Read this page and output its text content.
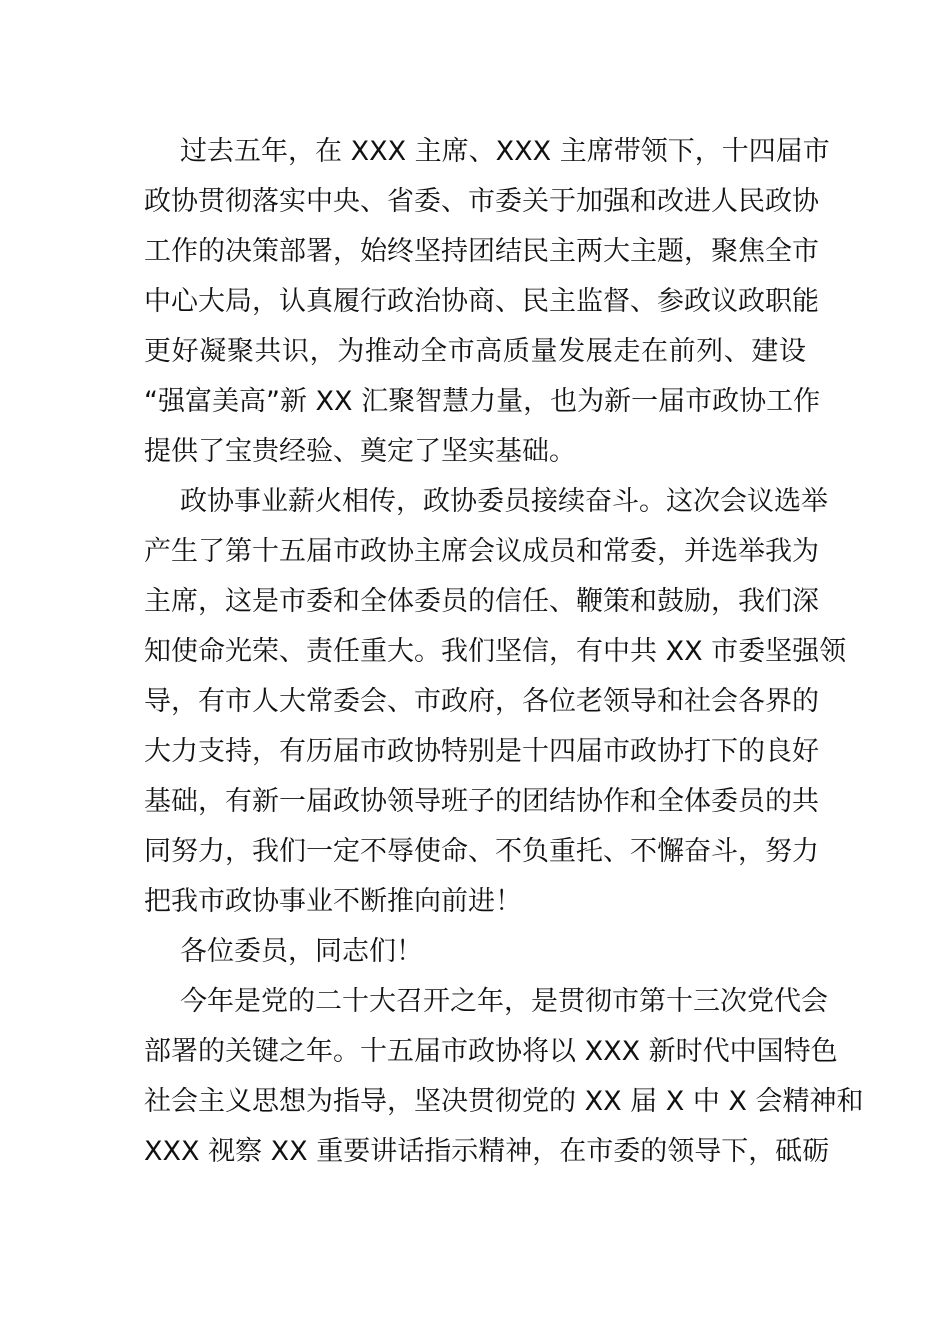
过去五年，在 XXX 主席、XXX 主席带领下，十四届市
政协贯彻落实中央、省委、市委关于加强和改进人民政协
工作的决策部署，始终坚持团结民主两大主题，聚焦全市
中心大局，认真履行政治协商、民主监督、参政议政职能
更好凝聚共识，为推动全市高质量发展走在前列、建设
“强富美高”新 XX 汇聚智慧力量，也为新一届市政协工作
提供了宝贵经验、奠定了坚实基础。
政协事业薪火相传，政协委员接续奋斗。这次会议选举
产生了第十五届市政协主席会议成员和常委，并选举我为
主席，这是市委和全体委员的信任、鞭策和鼓励，我们深
知使命光荣、责任重大。我们坚信，有中共 XX 市委坚强领
导，有市人大常委会、市政府，各位老领导和社会各界的
大力支持，有历届市政协特别是十四届市政协打下的良好
基础，有新一届政协领导班子的团结协作和全体委员的共
同努力，我们一定不辱使命、不负重托、不懈奋斗，努力
把我市政协事业不断推向前进！
各位委员，同志们！
今年是党的二十大召开之年，是贯彻市第十三次党代会
部署的关键之年。十五届市政协将以 XXX 新时代中国特色
社会主义思想为指导，坚决贯彻党的 XX 届 X 中 X 会精神和
XXX 视察 XX 重要讲话指示精神，在市委的领导下，砥砺
